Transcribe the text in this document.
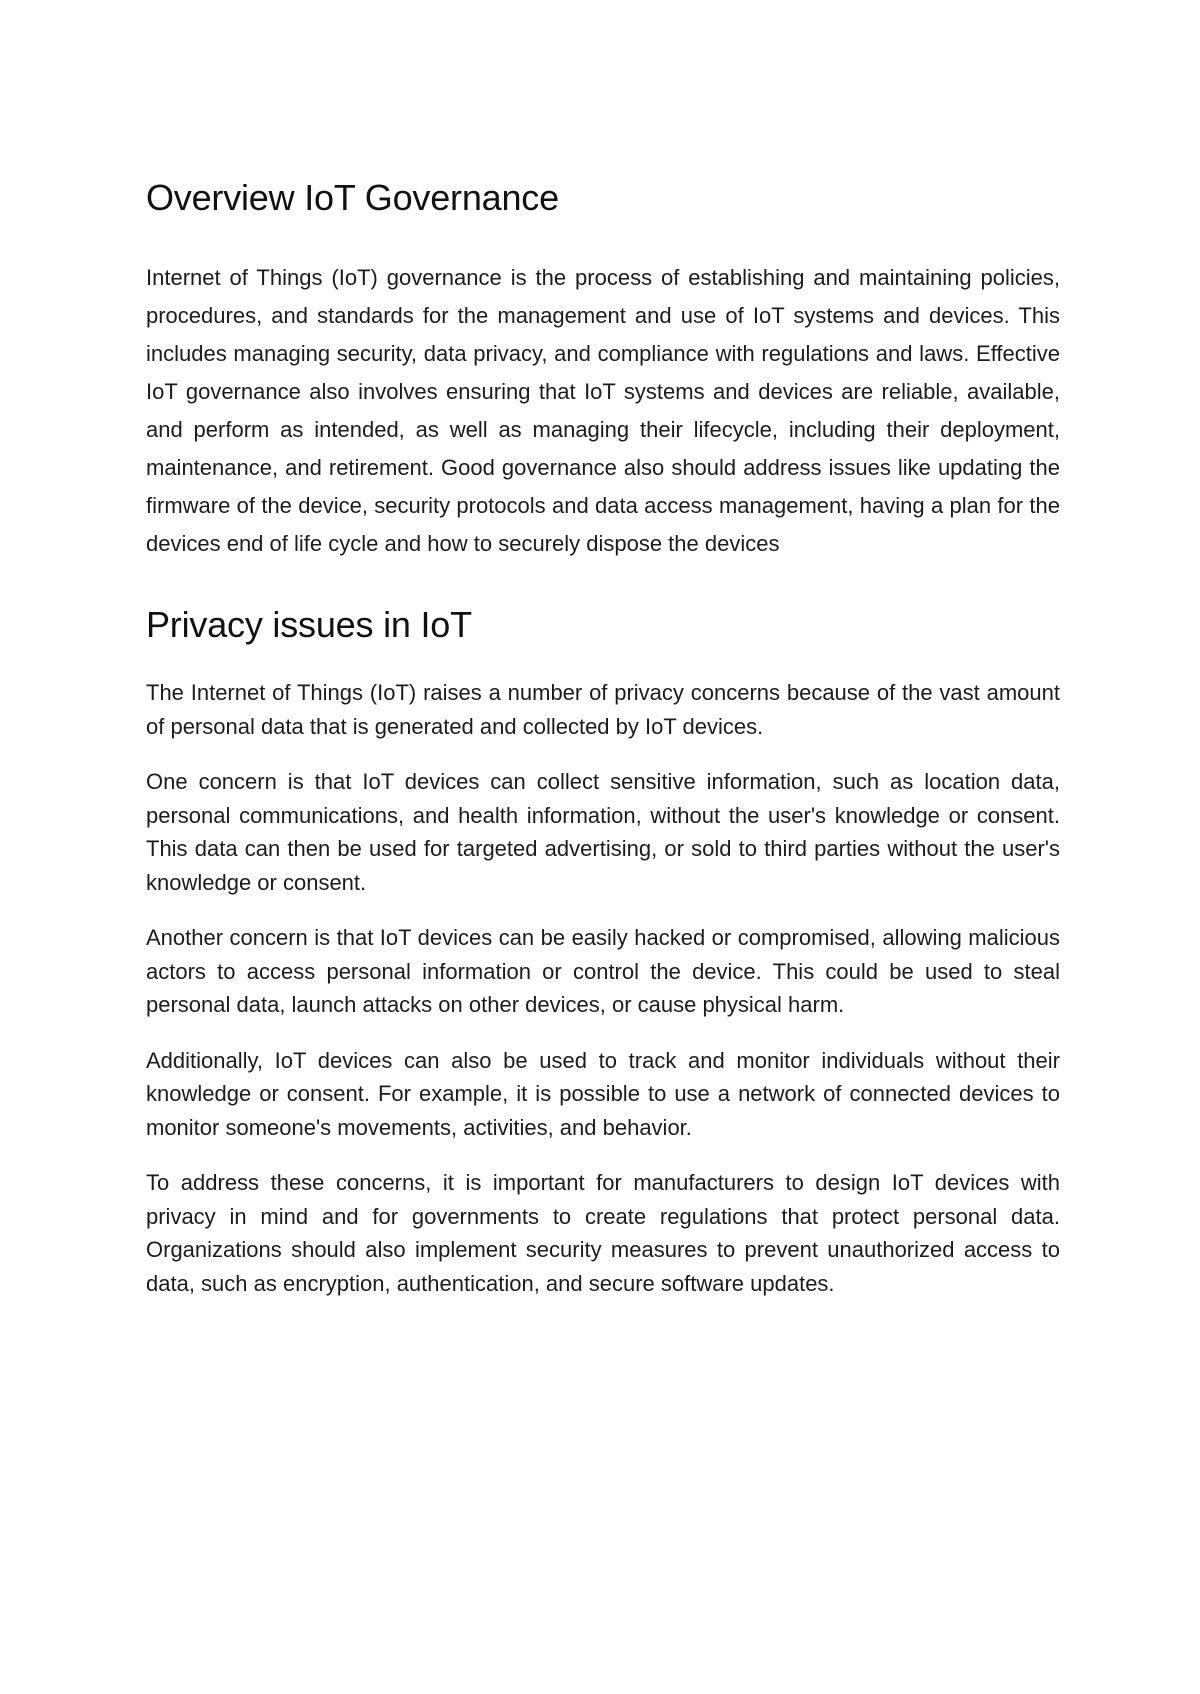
Overview IoT Governance

Internet of Things (IoT) governance is the process of establishing and maintaining policies, procedures, and standards for the management and use of IoT systems and devices. This includes managing security, data privacy, and compliance with regulations and laws. Effective IoT governance also involves ensuring that IoT systems and devices are reliable, available, and perform as intended, as well as managing their lifecycle, including their deployment, maintenance, and retirement. Good governance also should address issues like updating the firmware of the device, security protocols and data access management, having a plan for the devices end of life cycle and how to securely dispose the devices

Privacy issues in IoT

The Internet of Things (IoT) raises a number of privacy concerns because of the vast amount of personal data that is generated and collected by IoT devices.

One concern is that IoT devices can collect sensitive information, such as location data, personal communications, and health information, without the user's knowledge or consent. This data can then be used for targeted advertising, or sold to third parties without the user's knowledge or consent.

Another concern is that IoT devices can be easily hacked or compromised, allowing malicious actors to access personal information or control the device. This could be used to steal personal data, launch attacks on other devices, or cause physical harm.

Additionally, IoT devices can also be used to track and monitor individuals without their knowledge or consent. For example, it is possible to use a network of connected devices to monitor someone's movements, activities, and behavior.

To address these concerns, it is important for manufacturers to design IoT devices with privacy in mind and for governments to create regulations that protect personal data. Organizations should also implement security measures to prevent unauthorized access to data, such as encryption, authentication, and secure software updates.
